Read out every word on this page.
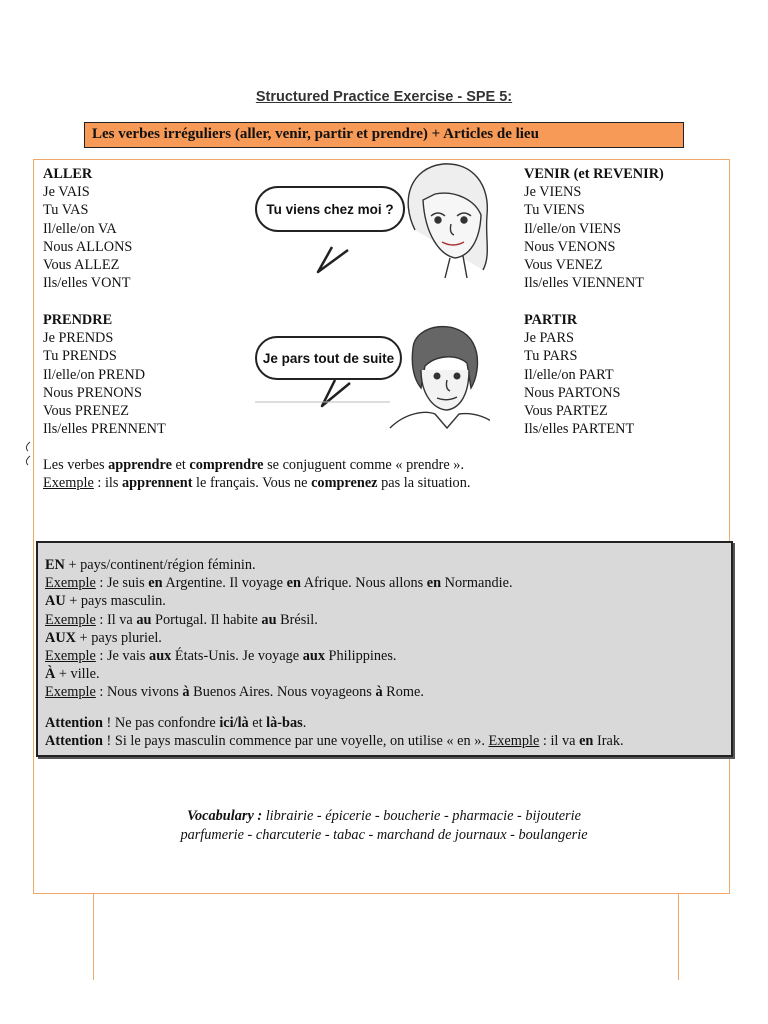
Structured Practice Exercise - SPE 5:
Les verbes irréguliers (aller, venir, partir et prendre) + Articles de lieu
ALLER
Je VAIS
Tu VAS
Il/elle/on VA
Nous ALLONS
Vous ALLEZ
Ils/elles VONT
VENIR (et REVENIR)
Je VIENS
Tu VIENS
Il/elle/on VIENS
Nous VENONS
Vous VENEZ
Ils/elles VIENNENT
PRENDRE
Je PRENDS
Tu PRENDS
Il/elle/on PREND
Nous PRENONS
Vous PRENEZ
Ils/elles PRENNENT
PARTIR
Je PARS
Tu PARS
Il/elle/on PART
Nous PARTONS
Vous PARTEZ
Ils/elles PARTENT
Tu viens chez moi ?
Je pars tout de suite
Les verbes apprendre et comprendre se conjuguent comme « prendre ».
Exemple : ils apprennent le français. Vous ne comprenez pas la situation.
EN + pays/continent/région féminin.
Exemple : Je suis en Argentine. Il voyage en Afrique. Nous allons en Normandie.
AU + pays masculin.
Exemple : Il va au Portugal. Il habite au Brésil.
AUX + pays pluriel.
Exemple : Je vais aux États-Unis. Je voyage aux Philippines.
À + ville.
Exemple : Nous vivons à Buenos Aires. Nous voyageons à Rome.
Attention ! Ne pas confondre ici/là et là-bas.
Attention ! Si le pays masculin commence par une voyelle, on utilise « en ». Exemple : il va en Irak.
Vocabulary : librairie - épicerie - boucherie - pharmacie - bijouterie
parfumerie - charcuterie - tabac - marchand de journaux - boulangerie
